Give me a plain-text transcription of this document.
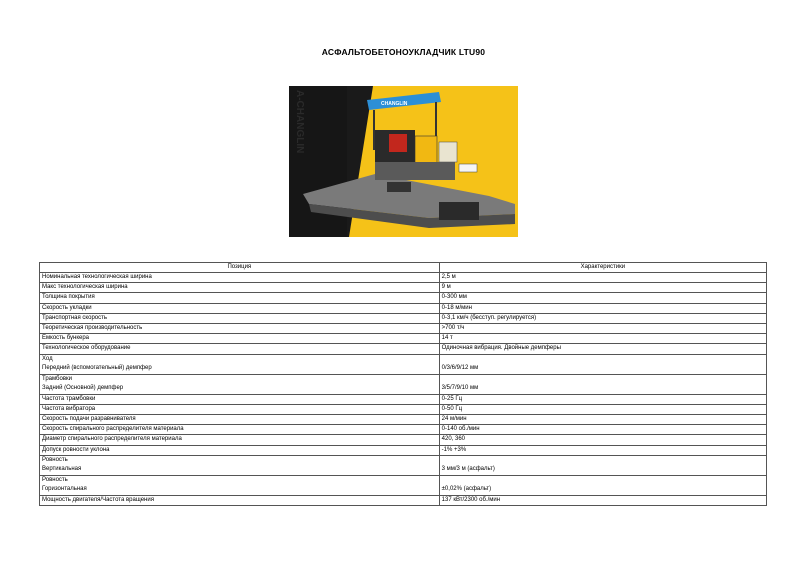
АСФАЛЬТОБЕТОНОУКЛАДЧИК LTU90
A-CHANGLIN	CHANGLIN
Позиция	Характеристики

Номинальная технологическая ширина	2,5 м

Макс технологическая ширина	9 м

Толщина покрытия	0-300 мм

Скорость укладки	0-18 м/мин

Транспортная скорость	0-3,1 км/ч (бесступ. регулируется)

Теоретическая производительность	>700 т/ч

Емкость бункера	14 т

Технологическое оборудование	Одиночная вибрация. Двойные демпферы

Ход
Передний (вспомогательный) демпфер	0/3/6/9/12 мм

Трамбовки
Задний (Основной) демпфер	3/5/7/9/10 мм

Частота трамбовки	0-25 Гц

Частота вибратора	0-50 Гц

Скорость подачи разравнивателя	24 м/мин

Скорость спирального распределителя материала	0-140 об./мин

Диаметр спирального распределителя материала	420, 360

Допуск ровности уклона	-1% +3%

Ровность
Вертикальная	3 мм/3 м (асфальт)

Ровность
Горизонтальная	±0,02% (асфальт)

Мощность двигателя/Частота вращения	137 кВт/2300 об./мин
